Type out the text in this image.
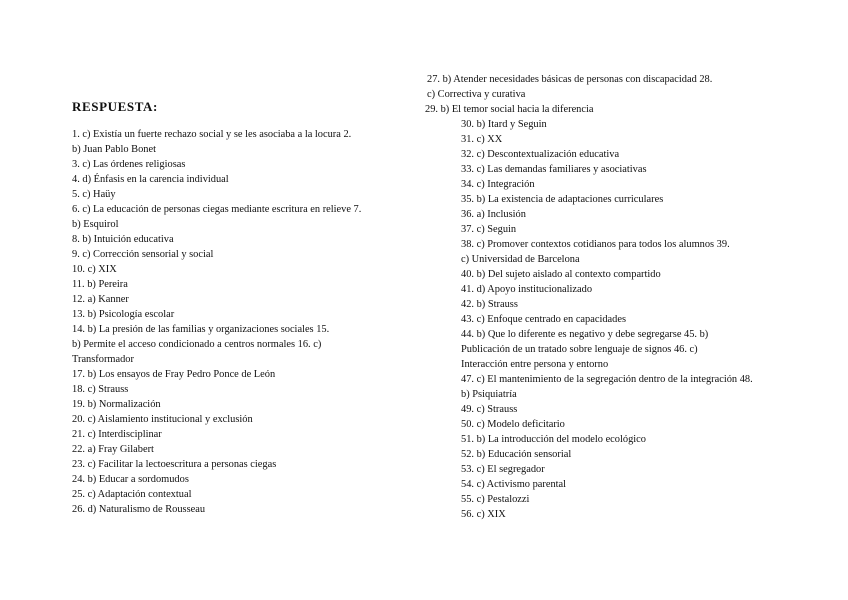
RESPUESTA:
1. c) Existía un fuerte rechazo social y se les asociaba a la locura 2.
b) Juan Pablo Bonet
3. c) Las órdenes religiosas
4. d) Énfasis en la carencia individual
5. c) Haüy
6. c) La educación de personas ciegas mediante escritura en relieve 7.
b) Esquirol
8. b) Intuición educativa
9. c) Corrección sensorial y social
10. c) XIX
11. b) Pereira
12. a) Kanner
13. b) Psicología escolar
14. b) La presión de las familias y organizaciones sociales 15.
b) Permite el acceso condicionado a centros normales 16. c)
Transformador
17. b) Los ensayos de Fray Pedro Ponce de León
18. c) Strauss
19. b) Normalización
20. c) Aislamiento institucional y exclusión
21. c) Interdisciplinar
22. a) Fray Gilabert
23. c) Facilitar la lectoescritura a personas ciegas
24. b) Educar a sordomudos
25. c) Adaptación contextual
26. d) Naturalismo de Rousseau
27. b) Atender necesidades básicas de personas con discapacidad 28.
c) Correctiva y curativa
29. b) El temor social hacia la diferencia
30. b) Itard y Seguin
31. c) XX
32. c) Descontextualización educativa
33. c) Las demandas familiares y asociativas
34. c) Integración
35. b) La existencia de adaptaciones curriculares
36. a) Inclusión
37. c) Seguin
38. c) Promover contextos cotidianos para todos los alumnos 39.
c) Universidad de Barcelona
40. b) Del sujeto aislado al contexto compartido
41. d) Apoyo institucionalizado
42. b) Strauss
43. c) Enfoque centrado en capacidades
44. b) Que lo diferente es negativo y debe segregarse 45. b)
Publicación de un tratado sobre lenguaje de signos 46. c)
Interacción entre persona y entorno
47. c) El mantenimiento de la segregación dentro de la integración 48.
b) Psiquiatría
49. c) Strauss
50. c) Modelo deficitario
51. b) La introducción del modelo ecológico
52. b) Educación sensorial
53. c) El segregador
54. c) Activismo parental
55. c) Pestalozzi
56. c) XIX
